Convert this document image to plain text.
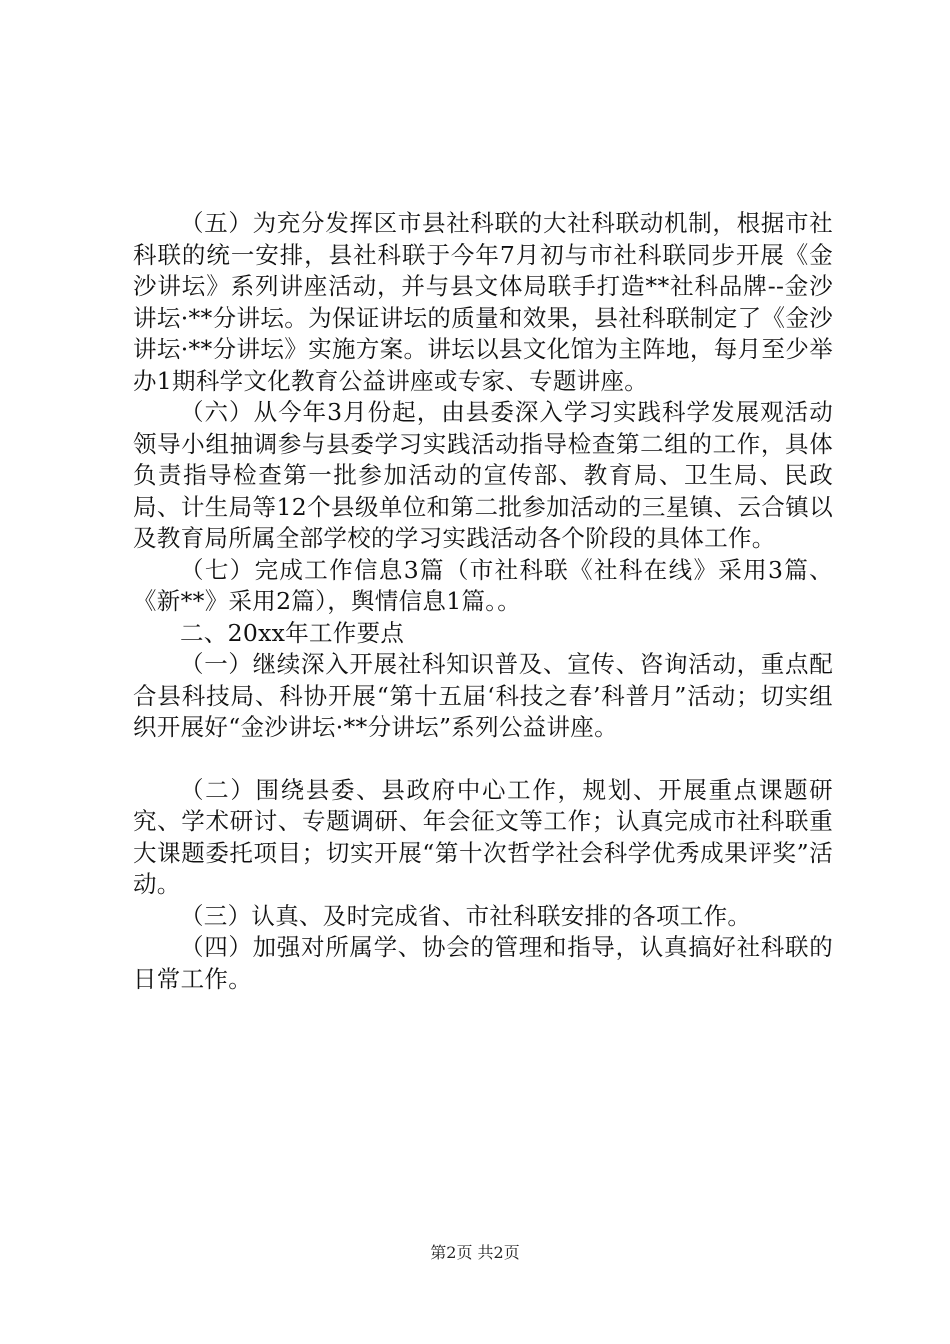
（五）为充分发挥区市县社科联的大社科联动机制，根据市社科联的统一安排，县社科联于今年7月初与市社科联同步开展《金沙讲坛》系列讲座活动，并与县文体局联手打造**社科品牌--金沙讲坛·**分讲坛。为保证讲坛的质量和效果，县社科联制定了《金沙讲坛·**分讲坛》实施方案。讲坛以县文化馆为主阵地，每月至少举办1期科学文化教育公益讲座或专家、专题讲座。

（六）从今年3月份起，由县委深入学习实践科学发展观活动领导小组抽调参与县委学习实践活动指导检查第二组的工作，具体负责指导检查第一批参加活动的宣传部、教育局、卫生局、民政局、计生局等12个县级单位和第二批参加活动的三星镇、云合镇以及教育局所属全部学校的学习实践活动各个阶段的具体工作。

（七）完成工作信息3篇（市社科联《社科在线》采用3篇、《新**》采用2篇），舆情信息1篇。。

二、20xx年工作要点

（一）继续深入开展社科知识普及、宣传、咨询活动，重点配合县科技局、科协开展“第十五届‘科技之春’科普月”活动；切实组织开展好“金沙讲坛·**分讲坛”系列公益讲座。

（二）围绕县委、县政府中心工作，规划、开展重点课题研究、学术研讨、专题调研、年会征文等工作；认真完成市社科联重大课题委托项目；切实开展“第十次哲学社会科学优秀成果评奖”活动。

（三）认真、及时完成省、市社科联安排的各项工作。

（四）加强对所属学、协会的管理和指导，认真搞好社科联的日常工作。

第2页 共2页
